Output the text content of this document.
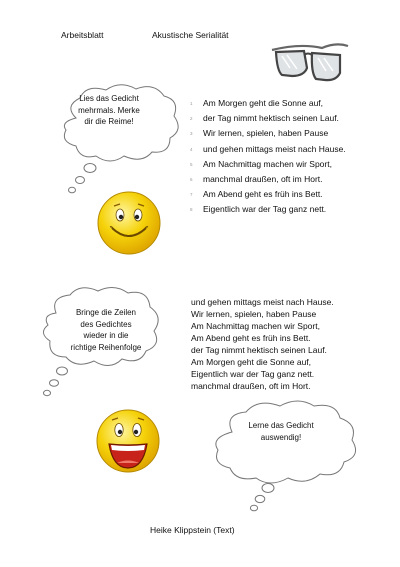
Arbeitsblatt	Akustische Serialität
Lies das Gedicht
mehrmals. Merke
dir die Reime!
1	Am Morgen geht die Sonne auf,
2	der Tag nimmt hektisch seinen Lauf.
3	Wir lernen, spielen, haben Pause
4	und gehen mittags meist nach Hause.
5	Am Nachmittag machen wir Sport,
6	manchmal draußen, oft im Hort.
7	Am Abend geht es früh ins Bett.
8	Eigentlich war der Tag ganz nett.
Bringe die Zeilen
des Gedichtes
wieder in die
richtige Reihenfolge
und gehen mittags meist nach Hause.
Wir lernen, spielen, haben Pause
Am Nachmittag machen wir Sport,
Am Abend geht es früh ins Bett.
der Tag nimmt hektisch seinen Lauf.
Am Morgen geht die Sonne auf,
Eigentlich war der Tag ganz nett.
manchmal draußen, oft im Hort.
Lerne das Gedicht
auswendig!
Heike Klippstein (Text)
